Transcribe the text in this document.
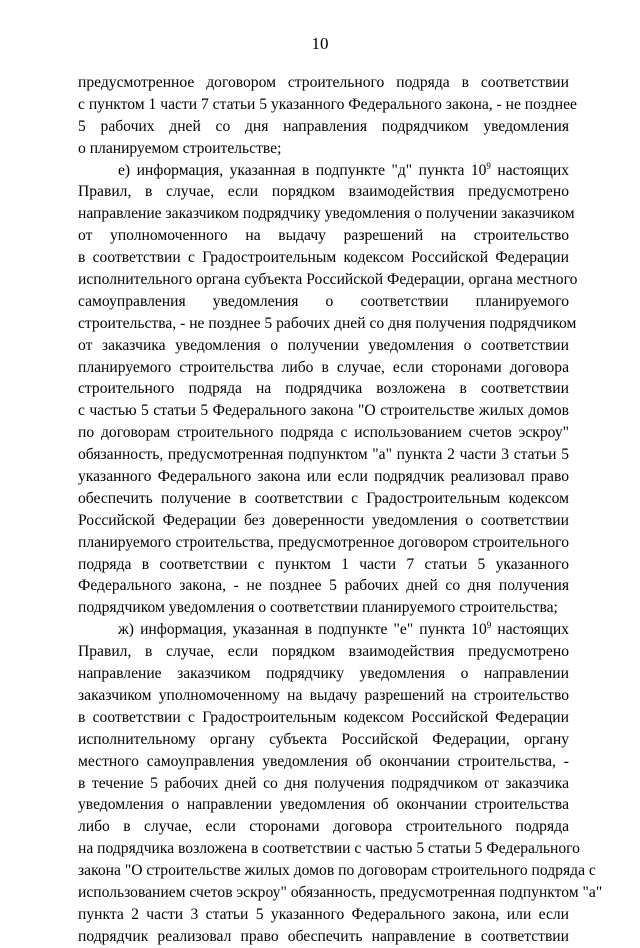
10
предусмотренное договором строительного подряда в соответствии
с пунктом 1 части 7 статьи 5 указанного Федерального закона, - не позднее
5 рабочих дней со дня направления подрядчиком уведомления
о планируемом строительстве;
е) информация, указанная в подпункте "д" пункта $10^9$ настоящих
Правил, в случае, если порядком взаимодействия предусмотрено
направление заказчиком подрядчику уведомления о получении заказчиком
от уполномоченного на выдачу разрешений на строительство
в соответствии с Градостроительным кодексом Российской Федерации
исполнительного органа субъекта Российской Федерации, органа местного
самоуправления уведомления о соответствии планируемого
строительства, - не позднее 5 рабочих дней со дня получения подрядчиком
от заказчика уведомления о получении уведомления о соответствии
планируемого строительства либо в случае, если сторонами договора
строительного подряда на подрядчика возложена в соответствии
с частью 5 статьи 5 Федерального закона "О строительстве жилых домов
по договорам строительного подряда с использованием счетов эскроу"
обязанность, предусмотренная подпунктом "а" пункта 2 части 3 статьи 5
указанного Федерального закона или если подрядчик реализовал право
обеспечить получение в соответствии с Градостроительным кодексом
Российской Федерации без доверенности уведомления о соответствии
планируемого строительства, предусмотренное договором строительного
подряда в соответствии с пунктом 1 части 7 статьи 5 указанного
Федерального закона, - не позднее 5 рабочих дней со дня получения
подрядчиком уведомления о соответствии планируемого строительства;
ж) информация, указанная в подпункте "е" пункта $10^9$ настоящих
Правил, в случае, если порядком взаимодействия предусмотрено
направление заказчиком подрядчику уведомления о направлении
заказчиком уполномоченному на выдачу разрешений на строительство
в соответствии с Градостроительным кодексом Российской Федерации
исполнительному органу субъекта Российской Федерации, органу
местного самоуправления уведомления об окончании строительства, -
в течение 5 рабочих дней со дня получения подрядчиком от заказчика
уведомления о направлении уведомления об окончании строительства
либо в случае, если сторонами договора строительного подряда
на подрядчика возложена в соответствии с частью 5 статьи 5 Федерального
закона "О строительстве жилых домов по договорам строительного подряда с
использованием счетов эскроу" обязанность, предусмотренная подпунктом "а"
пункта 2 части 3 статьи 5 указанного Федерального закона, или если
подрядчик реализовал право обеспечить направление в соответствии
